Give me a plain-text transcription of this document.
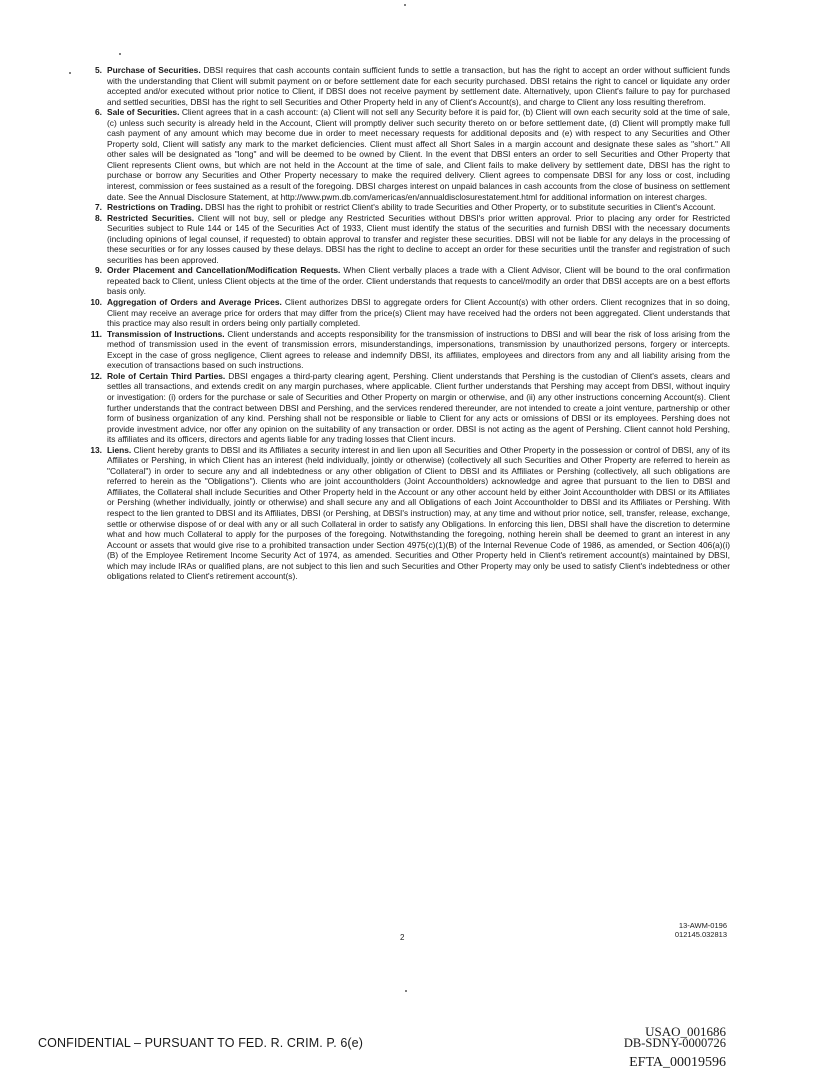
5. Purchase of Securities. DBSI requires that cash accounts contain sufficient funds to settle a transaction, but has the right to accept an order without sufficient funds with the understanding that Client will submit payment on or before settlement date for each security purchased. DBSI retains the right to cancel or liquidate any order accepted and/or executed without prior notice to Client, if DBSI does not receive payment by settlement date. Alternatively, upon Client's failure to pay for purchased and settled securities, DBSI has the right to sell Securities and Other Property held in any of Client's Account(s), and charge to Client any loss resulting therefrom.
6. Sale of Securities. Client agrees that in a cash account: (a) Client will not sell any Security before it is paid for, (b) Client will own each security sold at the time of sale, (c) unless such security is already held in the Account, Client will promptly deliver such security thereto on or before settlement date, (d) Client will promptly make full cash payment of any amount which may become due in order to meet necessary requests for additional deposits and (e) with respect to any Securities and Other Property sold, Client will satisfy any mark to the market deficiencies. Client must affect all Short Sales in a margin account and designate these sales as "short." All other sales will be designated as "long" and will be deemed to be owned by Client. In the event that DBSI enters an order to sell Securities and Other Property that Client represents Client owns, but which are not held in the Account at the time of sale, and Client fails to make delivery by settlement date, DBSI has the right to purchase or borrow any Securities and Other Property necessary to make the required delivery. Client agrees to compensate DBSI for any loss or cost, including interest, commission or fees sustained as a result of the foregoing. DBSI charges interest on unpaid balances in cash accounts from the close of business on settlement date. See the Annual Disclosure Statement, at http://www.pwm.db.com/americas/en/annualdisclosurestatement.html for additional information on interest charges.
7. Restrictions on Trading. DBSI has the right to prohibit or restrict Client's ability to trade Securities and Other Property, or to substitute securities in Client's Account.
8. Restricted Securities. Client will not buy, sell or pledge any Restricted Securities without DBSI's prior written approval. Prior to placing any order for Restricted Securities subject to Rule 144 or 145 of the Securities Act of 1933, Client must identify the status of the securities and furnish DBSI with the necessary documents (including opinions of legal counsel, if requested) to obtain approval to transfer and register these securities. DBSI will not be liable for any delays in the processing of these securities or for any losses caused by these delays. DBSI has the right to decline to accept an order for these securities until the transfer and registration of such securities has been approved.
9. Order Placement and Cancellation/Modification Requests. When Client verbally places a trade with a Client Advisor, Client will be bound to the oral confirmation repeated back to Client, unless Client objects at the time of the order. Client understands that requests to cancel/modify an order that DBSI accepts are on a best efforts basis only.
10. Aggregation of Orders and Average Prices. Client authorizes DBSI to aggregate orders for Client Account(s) with other orders. Client recognizes that in so doing, Client may receive an average price for orders that may differ from the price(s) Client may have received had the orders not been aggregated. Client understands that this practice may also result in orders being only partially completed.
11. Transmission of Instructions. Client understands and accepts responsibility for the transmission of instructions to DBSI and will bear the risk of loss arising from the method of transmission used in the event of transmission errors, misunderstandings, impersonations, transmission by unauthorized persons, forgery or intercepts. Except in the case of gross negligence, Client agrees to release and indemnify DBSI, its affiliates, employees and directors from any and all liability arising from the execution of transactions based on such instructions.
12. Role of Certain Third Parties. DBSI engages a third-party clearing agent, Pershing. Client understands that Pershing is the custodian of Client's assets, clears and settles all transactions, and extends credit on any margin purchases, where applicable. Client further understands that Pershing may accept from DBSI, without inquiry or investigation: (i) orders for the purchase or sale of Securities and Other Property on margin or otherwise, and (ii) any other instructions concerning Account(s). Client further understands that the contract between DBSI and Pershing, and the services rendered thereunder, are not intended to create a joint venture, partnership or other form of business organization of any kind. Pershing shall not be responsible or liable to Client for any acts or omissions of DBSI or its employees. Pershing does not provide investment advice, nor offer any opinion on the suitability of any transaction or order. DBSI is not acting as the agent of Pershing. Client cannot hold Pershing, its affiliates and its officers, directors and agents liable for any trading losses that Client incurs.
13. Liens. Client hereby grants to DBSI and its Affiliates a security interest in and lien upon all Securities and Other Property in the possession or control of DBSI, any of its Affiliates or Pershing, in which Client has an interest (held individually, jointly or otherwise) (collectively all such Securities and Other Property are referred to herein as "Collateral") in order to secure any and all indebtedness or any other obligation of Client to DBSI and its Affiliates or Pershing (collectively, all such obligations are referred to herein as the "Obligations"). Clients who are joint accountholders (Joint Accountholders) acknowledge and agree that pursuant to the lien to DBSI and Affiliates, the Collateral shall include Securities and Other Property held in the Account or any other account held by either Joint Accountholder with DBSI or its Affiliates or Pershing (whether individually, jointly or otherwise) and shall secure any and all Obligations of each Joint Accountholder to DBSI and its Affiliates or Pershing. With respect to the lien granted to DBSI and its Affiliates, DBSI (or Pershing, at DBSI's instruction) may, at any time and without prior notice, sell, transfer, release, exchange, settle or otherwise dispose of or deal with any or all such Collateral in order to satisfy any Obligations. In enforcing this lien, DBSI shall have the discretion to determine what and how much Collateral to apply for the purposes of the foregoing. Notwithstanding the foregoing, nothing herein shall be deemed to grant an interest in any Account or assets that would give rise to a prohibited transaction under Section 4975(c)(1)(B) of the Internal Revenue Code of 1986, as amended, or Section 406(a)(i)(B) of the Employee Retirement Income Security Act of 1974, as amended. Securities and Other Property held in Client's retirement account(s) maintained by DBSI, which may include IRAs or qualified plans, are not subject to this lien and such Securities and Other Property may only be used to satisfy Client's indebtedness or other obligations related to Client's retirement account(s).
2
13-AWM-0196
012145.032813
CONFIDENTIAL – PURSUANT TO FED. R. CRIM. P. 6(e)
USAO_001686
DB-SDNY-0000726
EFTA_00019596
